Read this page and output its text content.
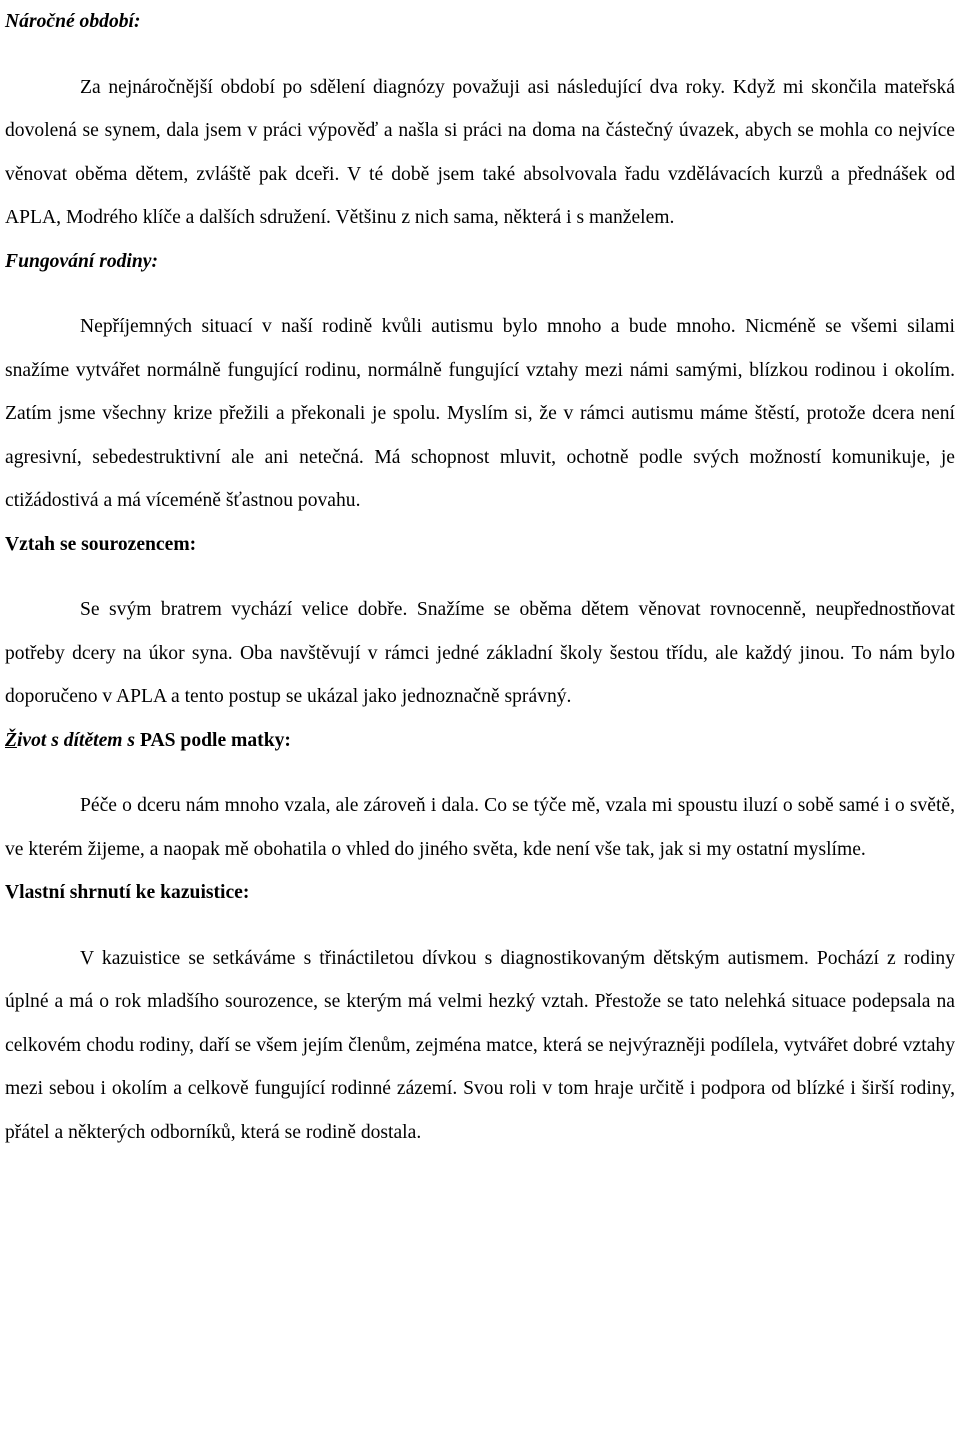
Náročné období:

Za nejnáročnější období po sdělení diagnózy považuji asi následující dva roky. Když mi skončila mateřská dovolená se synem, dala jsem v práci výpověď a našla si práci na doma na částečný úvazek, abych se mohla co nejvíce věnovat oběma dětem, zvláště pak dceři. V té době jsem také absolvovala řadu vzdělávacích kurzů a přednášek od APLA, Modrého klíče a dalších sdružení. Většinu z nich sama, některá i s manželem.

Fungování rodiny:

Nepříjemných situací v naší rodině kvůli autismu bylo mnoho a bude mnoho. Nicméně se všemi silami snažíme vytvářet normálně fungující rodinu, normálně fungující vztahy mezi námi samými, blízkou rodinou i okolím. Zatím jsme všechny krize přežili a překonali je spolu. Myslím si, že v rámci autismu máme štěstí, protože dcera není agresivní, sebedestruktivní ale ani netečná. Má schopnost mluvit, ochotně podle svých možností komunikuje, je ctižádostivá a má víceméně šťastnou povahu.

Vztah se sourozencem:

Se svým bratrem vychází velice dobře. Snažíme se oběma dětem věnovat rovnocenně, neupřednostňovat potřeby dcery na úkor syna. Oba navštěvují v rámci jedné základní školy šestou třídu, ale každý jinou. To nám bylo doporučeno v APLA a tento postup se ukázal jako jednoznačně správný.

Život s dítětem s PAS podle matky:

Péče o dceru nám mnoho vzala, ale zároveň i dala. Co se týče mě, vzala mi spoustu iluzí o sobě samé i o světě, ve kterém žijeme, a naopak mě obohatila o vhled do jiného světa, kde není vše tak, jak si my ostatní myslíme.

Vlastní shrnutí ke kazuistice:

V kazuistice se setkáváme s třináctiletou dívkou s diagnostikovaným dětským autismem. Pochází z rodiny úplné a má o rok mladšího sourozence, se kterým má velmi hezký vztah. Přestože se tato nelehká situace podepsala na celkovém chodu rodiny, daří se všem jejím členům, zejména matce, která se nejvýrazněji podílela, vytvářet dobré vztahy mezi sebou i okolím a celkově fungující rodinné zázemí. Svou roli v tom hraje určitě i podpora od blízké i širší rodiny, přátel a některých odborníků, která se rodině dostala.
